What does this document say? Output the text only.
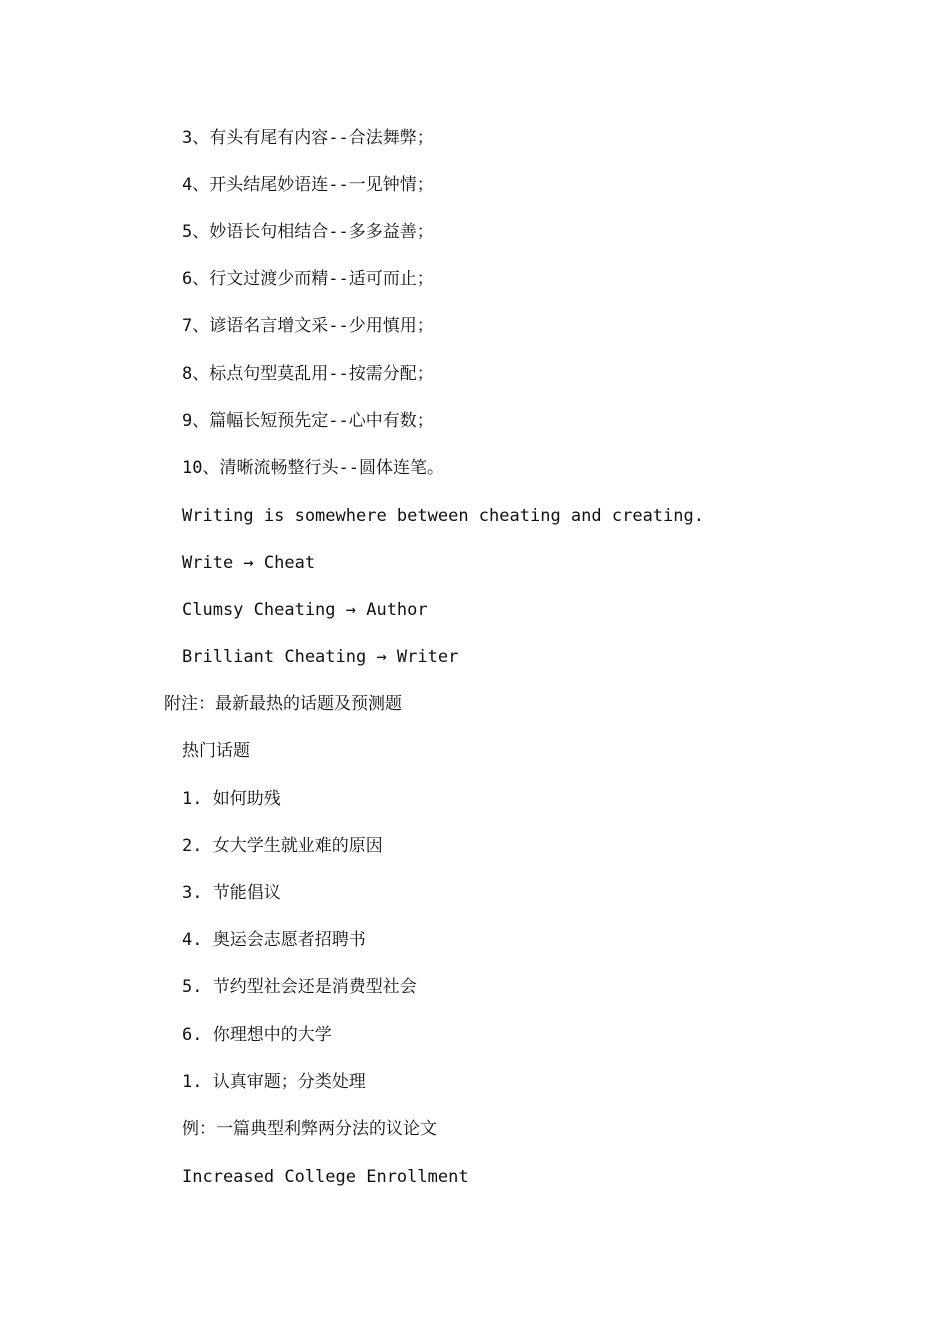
3、有头有尾有内容--合法舞弊；
4、开头结尾妙语连--一见钟情；
5、妙语长句相结合--多多益善；
6、行文过渡少而精--适可而止；
7、谚语名言增文采--少用慎用；
8、标点句型莫乱用--按需分配；
9、篇幅长短预先定--心中有数；
10、清晰流畅整行头--圆体连笔。
Writing is somewhere between cheating and creating.
Write → Cheat
Clumsy Cheating → Author
Brilliant Cheating → Writer
附注：最新最热的话题及预测题
热门话题
1. 如何助残
2. 女大学生就业难的原因
3. 节能倡议
4. 奥运会志愿者招聘书
5. 节约型社会还是消费型社会
6. 你理想中的大学
1. 认真审题；分类处理
例：一篇典型利弊两分法的议论文
Increased College Enrollment
